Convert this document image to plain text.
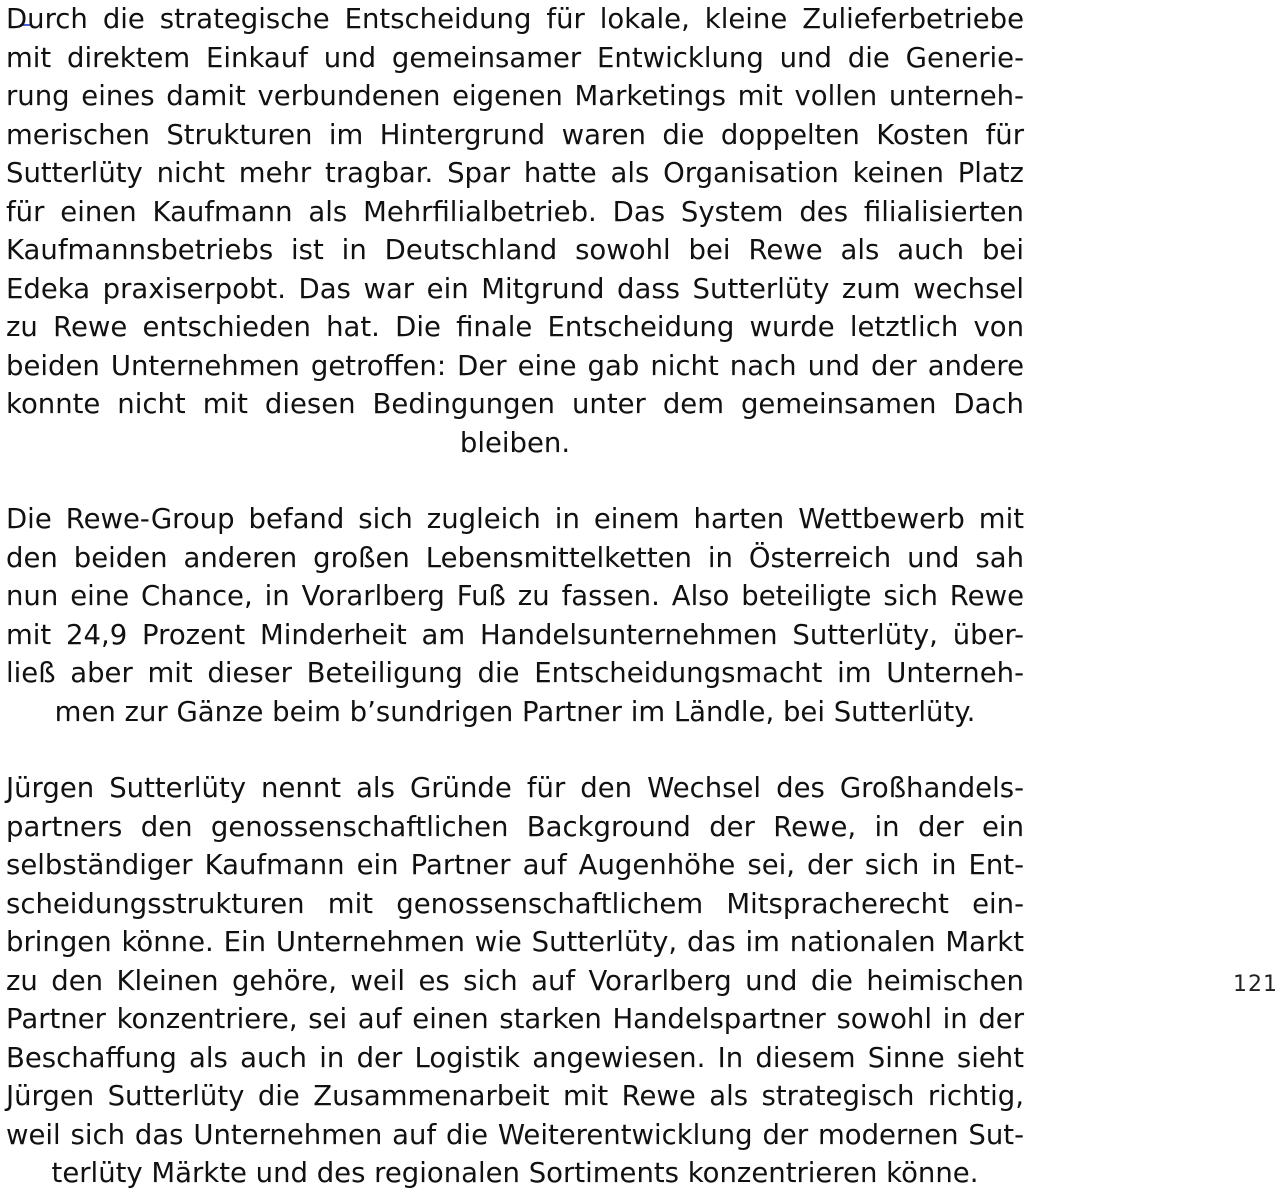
Durch die strategische Entscheidung für lokale, kleine Zulieferbetriebe
mit direktem Einkauf und gemeinsamer Entwicklung und die Generie-
rung eines damit verbundenen eigenen Marketings mit vollen unterneh-
merischen Strukturen im Hintergrund waren die doppelten Kosten für
Sutterlüty nicht mehr tragbar. Spar hatte als Organisation keinen Platz
für einen Kaufmann als Mehrfilialbetrieb. Das System des filialisierten
Kaufmannsbetriebs ist in Deutschland sowohl bei Rewe als auch bei
Edeka praxiserpobt. Das war ein Mitgrund dass Sutterlüty zum wechsel
zu Rewe entschieden hat. Die finale Entscheidung wurde letztlich von
beiden Unternehmen getroffen: Der eine gab nicht nach und der andere
konnte nicht mit diesen Bedingungen unter dem gemeinsamen Dach
bleiben.
Die Rewe-Group befand sich zugleich in einem harten Wettbewerb mit
den beiden anderen großen Lebensmittelketten in Österreich und sah
nun eine Chance, in Vorarlberg Fuß zu fassen. Also beteiligte sich Rewe
mit 24,9 Prozent Minderheit am Handelsunternehmen Sutterlüty, über-
ließ aber mit dieser Beteiligung die Entscheidungsmacht im Unterneh-
men zur Gänze beim b’sundrigen Partner im Ländle, bei Sutterlüty.
Jürgen Sutterlüty nennt als Gründe für den Wechsel des Großhandels-
partners den genossenschaftlichen Background der Rewe, in der ein
selbständiger Kaufmann ein Partner auf Augenhöhe sei, der sich in Ent-
scheidungsstrukturen mit genossenschaftlichem Mitspracherecht ein-
bringen könne. Ein Unternehmen wie Sutterlüty, das im nationalen Markt
zu den Kleinen gehöre, weil es sich auf Vorarlberg und die heimischen
Partner konzentriere, sei auf einen starken Handelspartner sowohl in der
Beschaffung als auch in der Logistik angewiesen. In diesem Sinne sieht
Jürgen Sutterlüty die Zusammenarbeit mit Rewe als strategisch richtig,
weil sich das Unternehmen auf die Weiterentwicklung der modernen Sut-
terlüty Märkte und des regionalen Sortiments konzentrieren könne.
121
